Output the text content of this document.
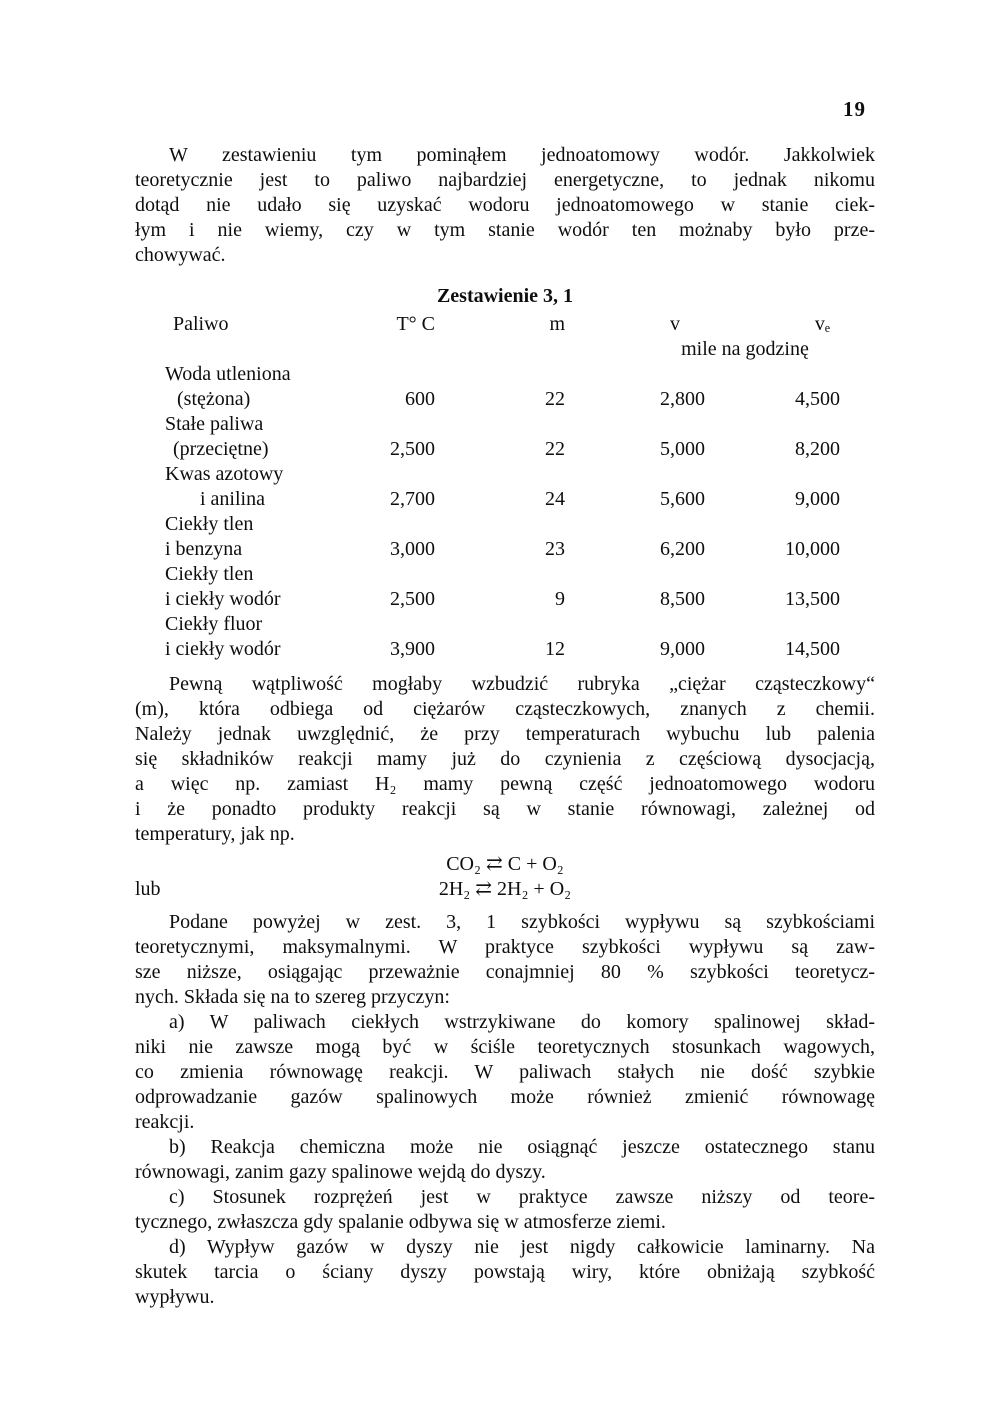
19
W zestawieniu tym pominąłem jednoatomowy wodór. Jakkolwiek
teoretycznie jest to paliwo najbardziej energetyczne, to jednak nikomu
dotąd nie udało się uzyskać wodoru jednoatomowego w stanie ciek-
łym i nie wiemy, czy w tym stanie wodór ten możnaby było prze-
chowywać.
Zestawienie 3, 1
Paliwo	T° C	m	v	vₑ
			mile na godzinę	
Woda utleniona				
(stężona)	600	22	2,800	4,500
Stałe paliwa				
(przeciętne)	2,500	22	5,000	8,200
Kwas azotowy				
i anilina	2,700	24	5,600	9,000
Ciekły tlen				
i benzyna	3,000	23	6,200	10,000
Ciekły tlen				
i ciekły wodór	2,500	9	8,500	13,500
Ciekły fluor				
i ciekły wodór	3,900	12	9,000	14,500
Pewną wątpliwość mogłaby wzbudzić rubryka „ciężar cząsteczkowy“
(m), która odbiega od ciężarów cząsteczkowych, znanych z chemii.
Należy jednak uwzględnić, że przy temperaturach wybuchu lub palenia
się składników reakcji mamy już do czynienia z częściową dysocjacją,
a więc np. zamiast H₂ mamy pewną część jednoatomowego wodoru
i że ponadto produkty reakcji są w stanie równowagi, zależnej od
temperatury, jak np.
lub
CO₂ ⇄ C + O₂
2H₂ ⇄ 2H₂ + O₂
Podane powyżej w zest. 3, 1 szybkości wypływu są szybkościami
teoretycznymi, maksymalnymi. W praktyce szybkości wypływu są zaw-
sze niższe, osiągając przeważnie conajmniej 80 % szybkości teoretycz-
nych. Składa się na to szereg przyczyn:
a) W paliwach ciekłych wstrzykiwane do komory spalinowej skład-
niki nie zawsze mogą być w ściśle teoretycznych stosunkach wagowych,
co zmienia równowagę reakcji. W paliwach stałych nie dość szybkie
odprowadzanie gazów spalinowych może również zmienić równowagę
reakcji.
b) Reakcja chemiczna może nie osiągnąć jeszcze ostatecznego stanu
równowagi, zanim gazy spalinowe wejdą do dyszy.
c) Stosunek rozprężeń jest w praktyce zawsze niższy od teore-
tycznego, zwłaszcza gdy spalanie odbywa się w atmosferze ziemi.
d) Wypływ gazów w dyszy nie jest nigdy całkowicie laminarny. Na
skutek tarcia o ściany dyszy powstają wiry, które obniżają szybkość
wypływu.
